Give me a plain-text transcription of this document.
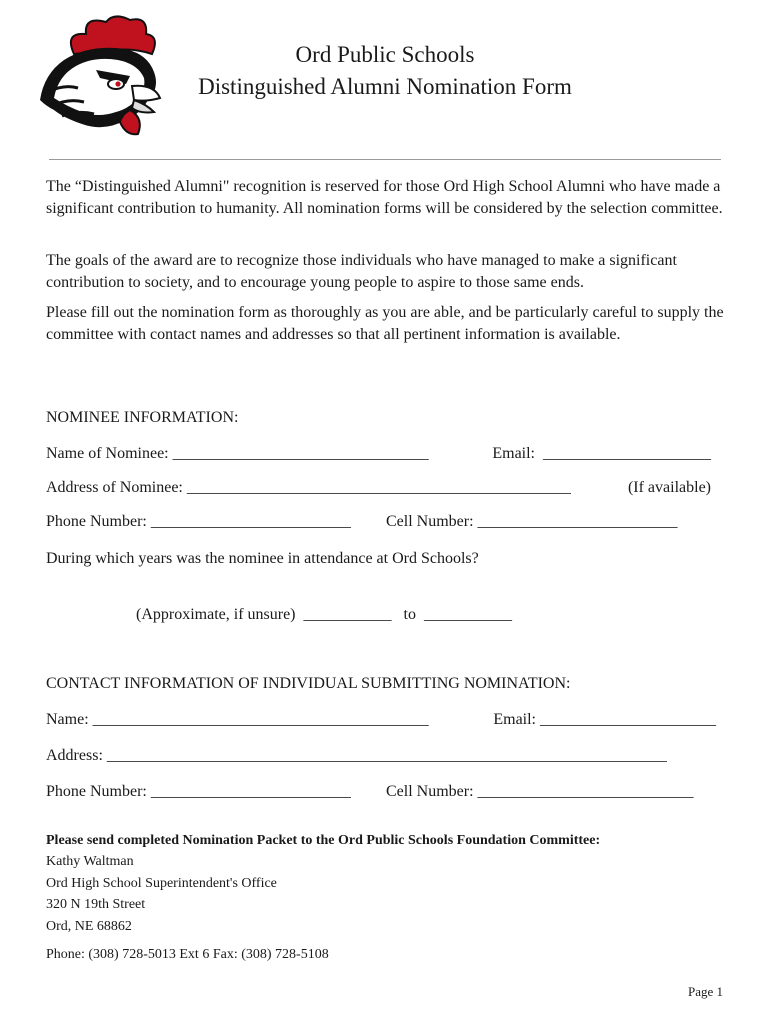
Ord Public Schools
Distinguished Alumni Nomination Form

The “Distinguished Alumni" recognition is reserved for those Ord High School Alumni who have made a significant contribution to humanity. All nomination forms will be considered by the selection committee.

The goals of the award are to recognize those individuals who have managed to make a significant contribution to society, and to encourage young people to aspire to those same ends.

Please fill out the nomination form as thoroughly as you are able, and be particularly careful to supply the committee with contact names and addresses so that all pertinent information is available.

NOMINEE INFORMATION:
Name of Nominee: ________________________________	Email:  _____________________
Address of Nominee: ________________________________________________	(If available)
Phone Number: _________________________ Cell Number: _________________________
During which years was the nominee in attendance at Ord Schools?
(Approximate, if unsure)  ___________   to  ___________
CONTACT INFORMATION OF INDIVIDUAL SUBMITTING NOMINATION:
Name: __________________________________________	Email: ______________________
Address: ______________________________________________________________________
Phone Number: _________________________ Cell Number: ___________________________
Please send completed Nomination Packet to the Ord Public Schools Foundation Committee:
Kathy Waltman
Ord High School Superintendent's Office
320 N 19th Street
Ord, NE 68862
Phone: (308) 728-5013 Ext 6 Fax: (308) 728-5108
Page 1
